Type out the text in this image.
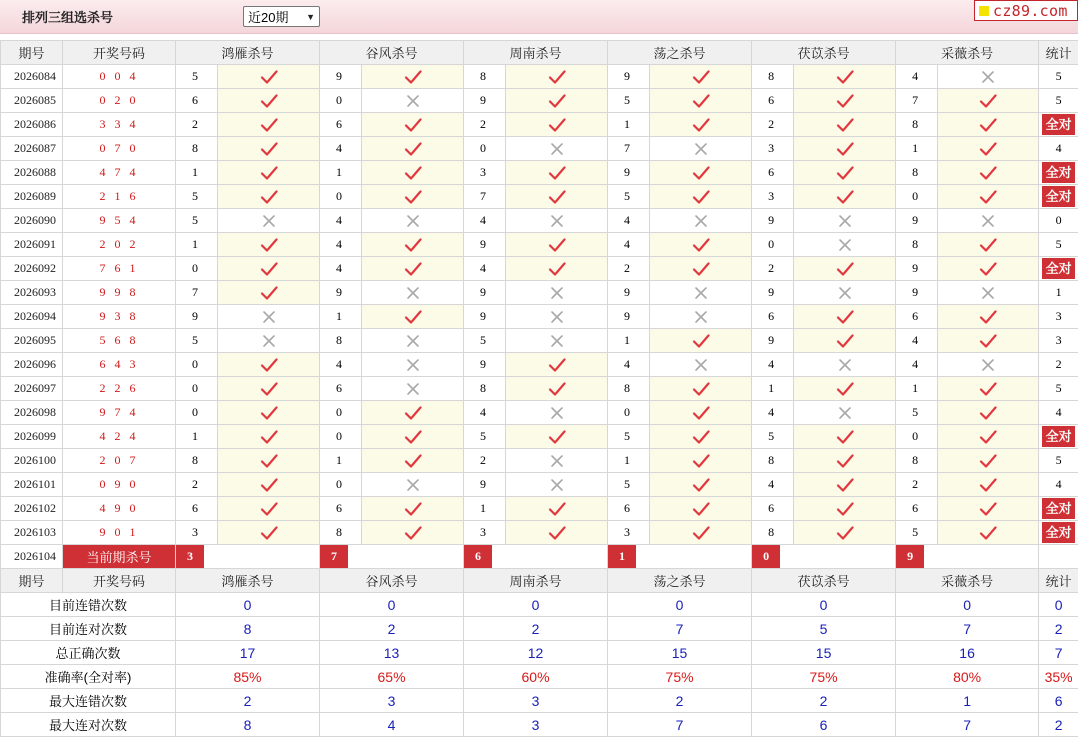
排列三组选杀号	近20期 ▼	cz89.com
期号	开奖号码	鸿雁杀号		谷风杀号		周南杀号		荡之杀号		茯苡杀号		采薇杀号		统计
2026084	0 0 4	5		9		8		9		8		4		5
2026085	0 2 0	6		0		9		5		6		7		5
2026086	3 3 4	2		6		2		1		2		8		全对

2026087	0 7 0	8		4		0		7		3		1		4
2026088	4 7 4	1		1		3		9		6		8		全对

2026089	2 1 6	5		0		7		5		3		0		全对

2026090	9 5 4	5		4		4		4		9		9		0
2026091	2 0 2	1		4		9		4		0		8		5
2026092	7 6 1	0		4		4		2		2		9		全对

2026093	9 9 8	7		9		9		9		9		9		1
2026094	9 3 8	9		1		9		9		6		6		3
2026095	5 6 8	5		8		5		1		9		4		3
2026096	6 4 3	0		4		9		4		4		4		2
2026097	2 2 6	0		6		8		8		1		1		5
2026098	9 7 4	0		0		4		0		4		5		4
2026099	4 2 4	1		0		5		5		5		0		全对

2026100	2 0 7	8		1		2		1		8		8		5
2026101	0 9 0	2		0		9		5		4		2		4
2026102	4 9 0	6		6		1		6		6		6		全对

2026103	9 0 1	3		8		3		3		8		5		全对

2026104	当前期杀号	3		7		6		1		0		9		
期号	开奖号码	鸿雁杀号		谷风杀号		周南杀号		荡之杀号		茯苡杀号		采薇杀号		统计
目前连错次数		0		0		0		0		0		0		0
目前连对次数		8		2		2		7		5		7		2
总正确次数		17		13		12		15		15		16		7
准确率(全对率)		85%		65%		60%		75%		75%		80%		35%
最大连错次数		2		3		3		2		2		1		6
最大连对次数		8		4		3		7		6		7		2
